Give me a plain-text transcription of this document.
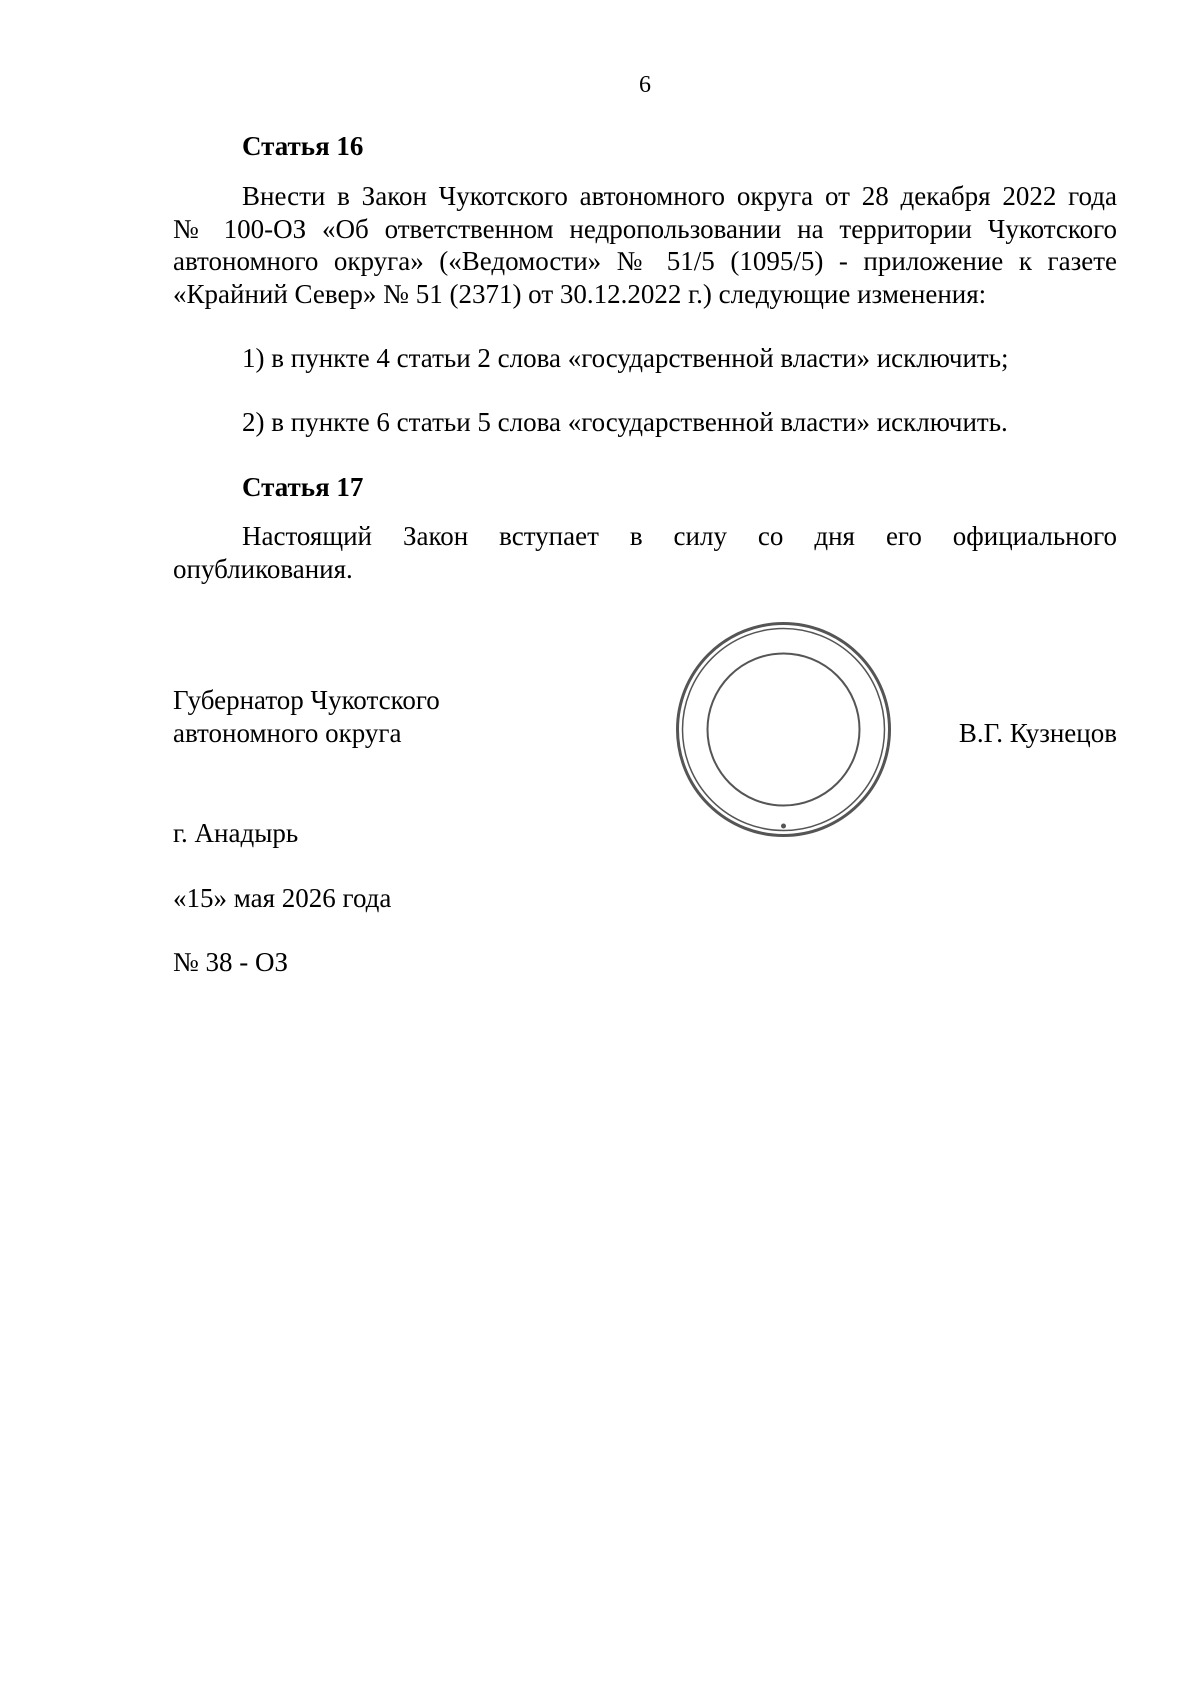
6
Статья 16
Внести в Закон Чукотского автономного округа от 28 декабря 2022 года
№ 100-ОЗ «Об ответственном недропользовании на территории Чукотского
автономного округа» («Ведомости» № 51/5 (1095/5) - приложение к газете
«Крайний Север» № 51 (2371) от 30.12.2022 г.) следующие изменения:
1) в пункте 4 статьи 2 слова «государственной власти» исключить;
2) в пункте 6 статьи 5 слова «государственной власти» исключить.
Статья 17
Настоящий Закон вступает в силу со дня его официального
опубликования.
Губернатор Чукотского
автономного округа	В.Г. Кузнецов
г. Анадырь
«15» мая 2026 года
№ 38 - ОЗ
